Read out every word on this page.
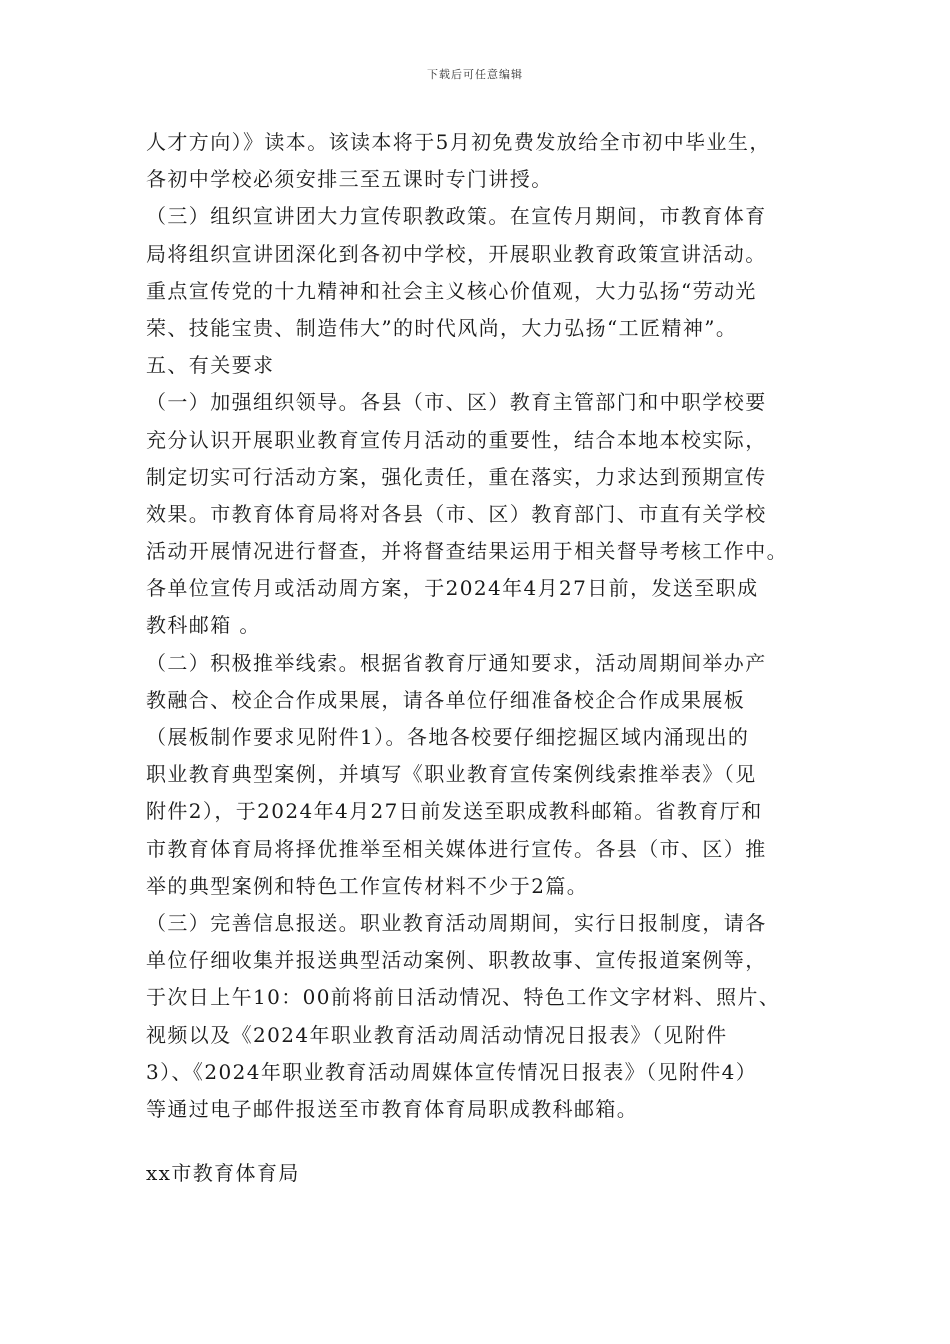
下载后可任意编辑
人才方向）》读本。该读本将于5月初免费发放给全市初中毕业生，
各初中学校必须安排三至五课时专门讲授。
（三）组织宣讲团大力宣传职教政策。在宣传月期间，市教育体育
局将组织宣讲团深化到各初中学校，开展职业教育政策宣讲活动。
重点宣传党的十九精神和社会主义核心价值观，大力弘扬“劳动光
荣、技能宝贵、制造伟大”的时代风尚，大力弘扬“工匠精神”。
五、有关要求
（一）加强组织领导。各县（市、区）教育主管部门和中职学校要
充分认识开展职业教育宣传月活动的重要性，结合本地本校实际，
制定切实可行活动方案，强化责任，重在落实，力求达到预期宣传
效果。市教育体育局将对各县（市、区）教育部门、市直有关学校
活动开展情况进行督查，并将督查结果运用于相关督导考核工作中。
各单位宣传月或活动周方案，于2024年4月27日前，发送至职成
教科邮箱 。
（二）积极推举线索。根据省教育厅通知要求，活动周期间举办产
教融合、校企合作成果展，请各单位仔细准备校企合作成果展板
（展板制作要求见附件1）。各地各校要仔细挖掘区域内涌现出的
职业教育典型案例，并填写《职业教育宣传案例线索推举表》（见
附件2），于2024年4月27日前发送至职成教科邮箱。省教育厅和
市教育体育局将择优推举至相关媒体进行宣传。各县（市、区）推
举的典型案例和特色工作宣传材料不少于2篇。
（三）完善信息报送。职业教育活动周期间，实行日报制度，请各
单位仔细收集并报送典型活动案例、职教故事、宣传报道案例等，
于次日上午10：00前将前日活动情况、特色工作文字材料、照片、
视频以及《2024年职业教育活动周活动情况日报表》（见附件
3）、《2024年职业教育活动周媒体宣传情况日报表》（见附件4）
等通过电子邮件报送至市教育体育局职成教科邮箱。
xx市教育体育局
